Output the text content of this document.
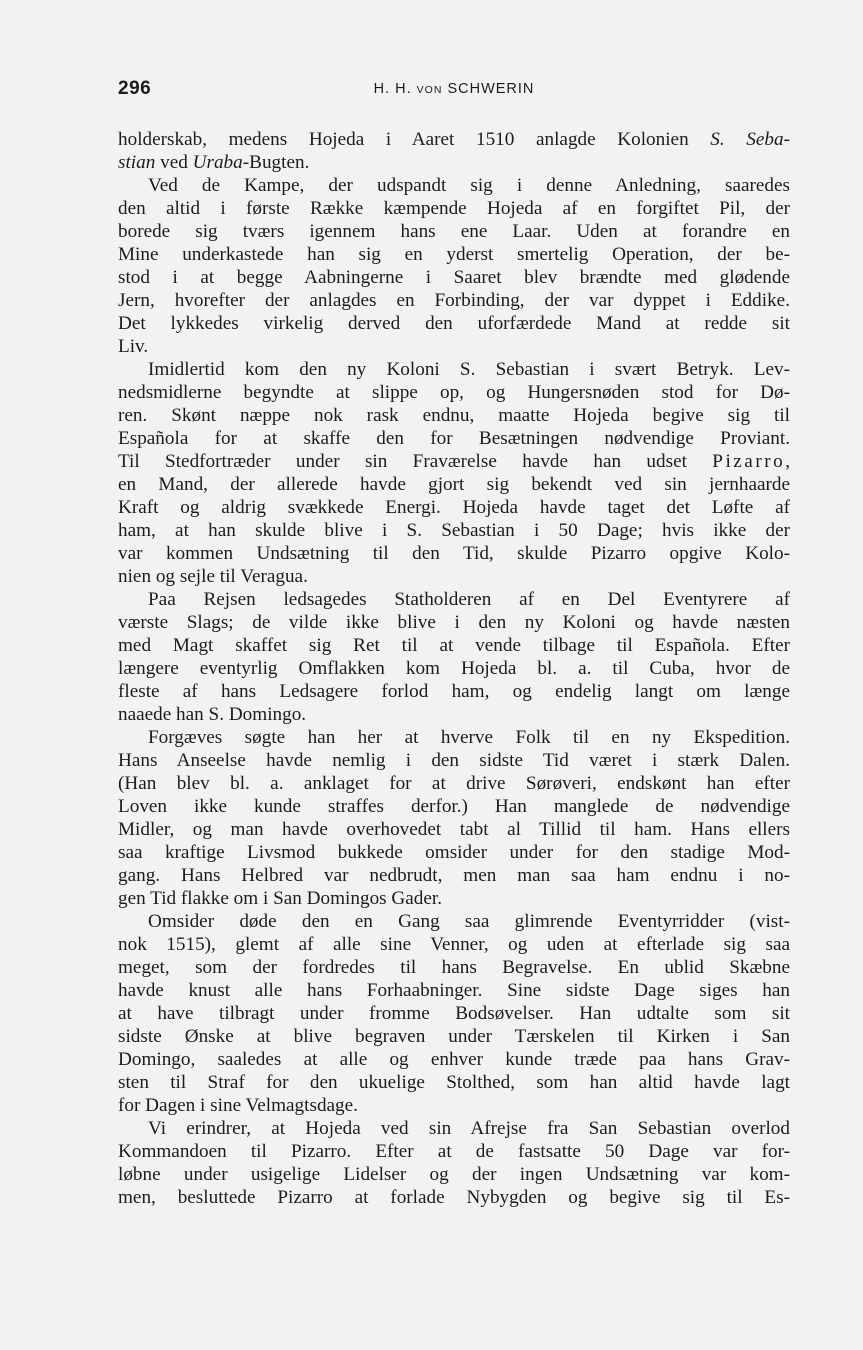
296	H. H. VON SCHWERIN
holderskab, medens Hojeda i Aaret 1510 anlagde Kolonien S. Seba-
stian ved Uraba-Bugten.
Ved de Kampe, der udspandt sig i denne Anledning, saaredes
den altid i første Række kæmpende Hojeda af en forgiftet Pil, der
borede sig tværs igennem hans ene Laar. Uden at forandre en
Mine underkastede han sig en yderst smertelig Operation, der be-
stod i at begge Aabningerne i Saaret blev brændte med glødende
Jern, hvorefter der anlagdes en Forbinding, der var dyppet i Eddike.
Det lykkedes virkelig derved den uforfærdede Mand at redde sit
Liv.
Imidlertid kom den ny Koloni S. Sebastian i svært Betryk. Lev-
nedsmidlerne begyndte at slippe op, og Hungersnøden stod for Dø-
ren. Skønt næppe nok rask endnu, maatte Hojeda begive sig til
Española for at skaffe den for Besætningen nødvendige Proviant.
Til Stedfortræder under sin Fraværelse havde han udset Pizarro,
en Mand, der allerede havde gjort sig bekendt ved sin jernhaarde
Kraft og aldrig svækkede Energi. Hojeda havde taget det Løfte af
ham, at han skulde blive i S. Sebastian i 50 Dage; hvis ikke der
var kommen Undsætning til den Tid, skulde Pizarro opgive Kolo-
nien og sejle til Veragua.
Paa Rejsen ledsagedes Statholderen af en Del Eventyrere af
værste Slags; de vilde ikke blive i den ny Koloni og havde næsten
med Magt skaffet sig Ret til at vende tilbage til Española. Efter
længere eventyrlig Omflakken kom Hojeda bl. a. til Cuba, hvor de
fleste af hans Ledsagere forlod ham, og endelig langt om længe
naaede han S. Domingo.
Forgæves søgte han her at hverve Folk til en ny Ekspedition.
Hans Anseelse havde nemlig i den sidste Tid været i stærk Dalen.
(Han blev bl. a. anklaget for at drive Sørøveri, endskønt han efter
Loven ikke kunde straffes derfor.) Han manglede de nødvendige
Midler, og man havde overhovedet tabt al Tillid til ham. Hans ellers
saa kraftige Livsmod bukkede omsider under for den stadige Mod-
gang. Hans Helbred var nedbrudt, men man saa ham endnu i no-
gen Tid flakke om i San Domingos Gader.
Omsider døde den en Gang saa glimrende Eventyrridder (vist-
nok 1515), glemt af alle sine Venner, og uden at efterlade sig saa
meget, som der fordredes til hans Begravelse. En ublid Skæbne
havde knust alle hans Forhaabninger. Sine sidste Dage siges han
at have tilbragt under fromme Bodsøvelser. Han udtalte som sit
sidste Ønske at blive begraven under Tærskelen til Kirken i San
Domingo, saaledes at alle og enhver kunde træde paa hans Grav-
sten til Straf for den ukuelige Stolthed, som han altid havde lagt
for Dagen i sine Velmagtsdage.
Vi erindrer, at Hojeda ved sin Afrejse fra San Sebastian overlod
Kommandoen til Pizarro. Efter at de fastsatte 50 Dage var for-
løbne under usigelige Lidelser og der ingen Undsætning var kom-
men, besluttede Pizarro at forlade Nybygden og begive sig til Es-
